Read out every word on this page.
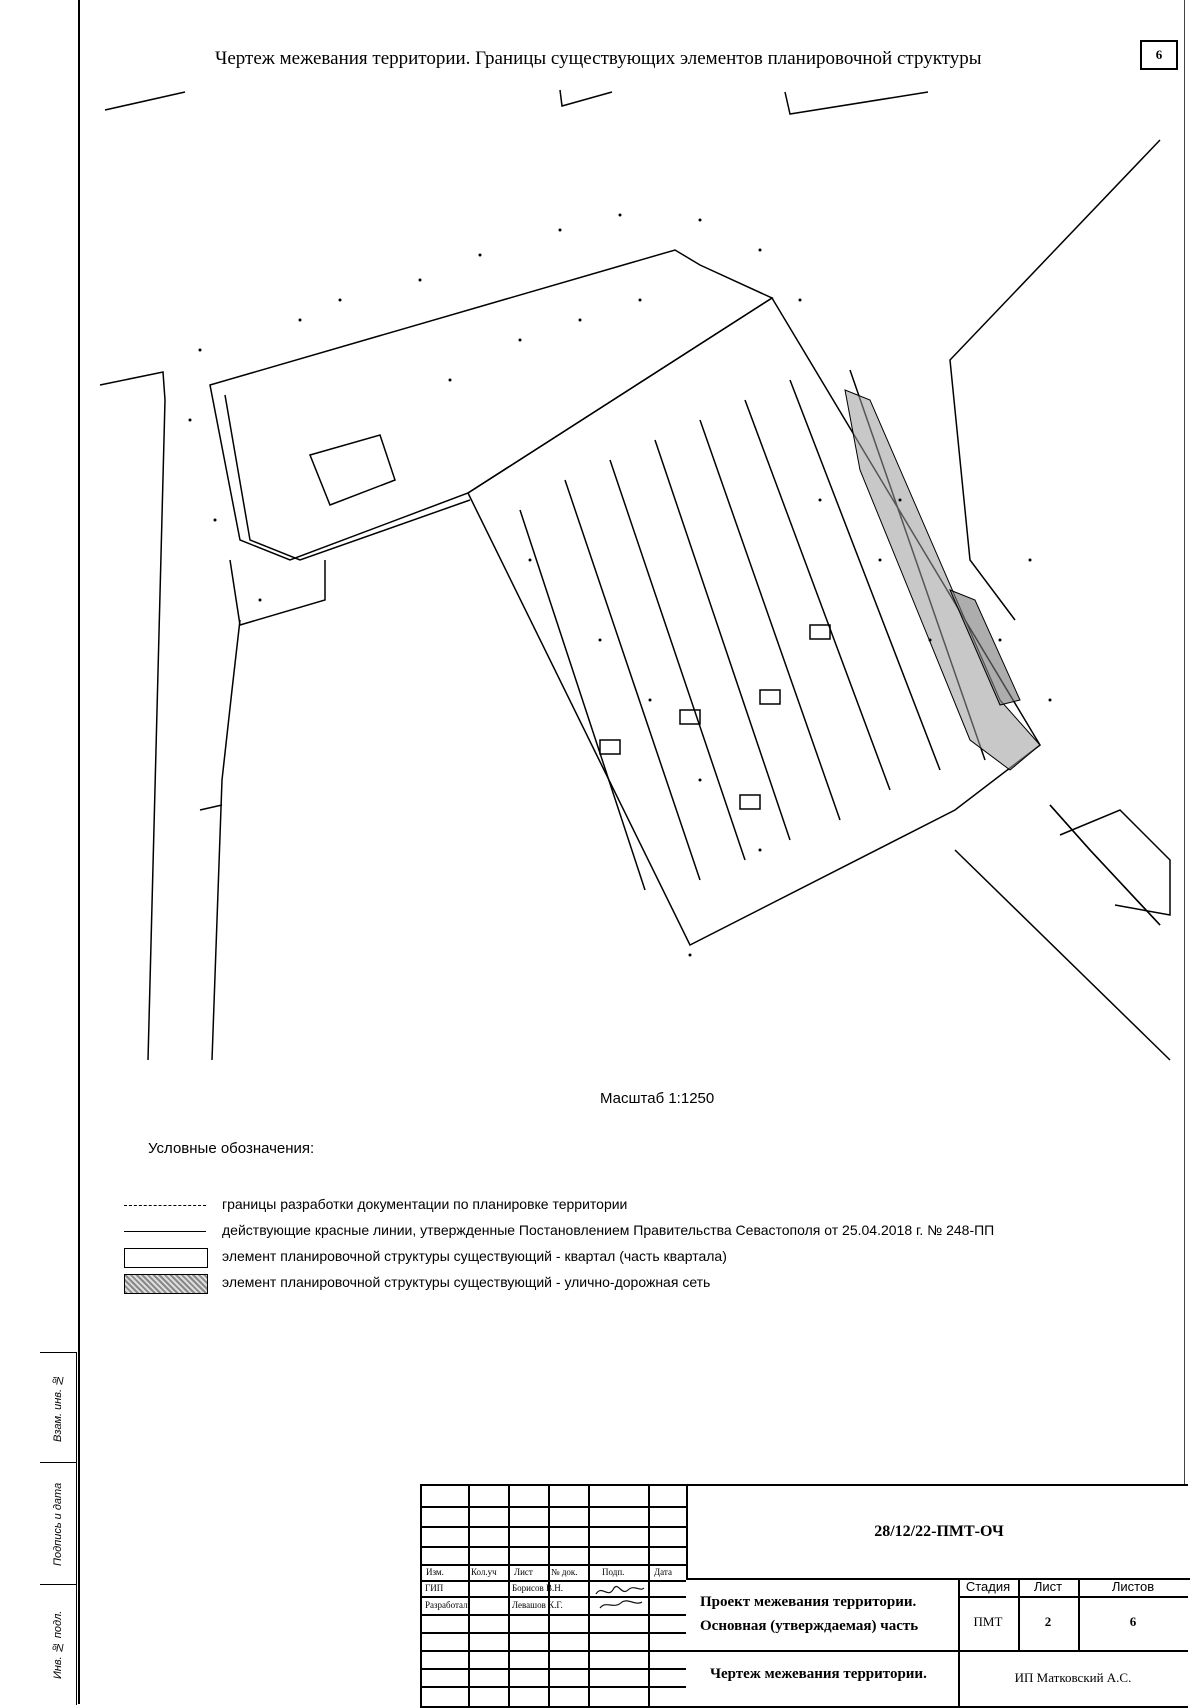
Чертеж межевания территории. Границы существующих элементов планировочной структуры	6
Масштаб 1:1250
Условные обозначения:
границы разработки документации по планировке территории
действующие красные линии, утвержденные Постановлением Правительства Севастополя от 25.04.2018 г. № 248-ПП
элемент планировочной структуры существующий - квартал (часть квартала)
элемент планировочной структуры существующий - улично-дорожная сеть
Взам. инв. №
Подпись и дата
Инв. № подл.
Изм.	Кол.уч Лист № док.	Подп.	Дата
ГИП	Борисов В.Н.
Разработал	Левашов К.Г.
28/12/22-ПМТ-ОЧ
Проект межевания территории.
Основная (утверждаемая) часть
Чертеж межевания территории.
Стадия	Лист	Листов
ПМТ	2	6
ИП Матковский А.С.
